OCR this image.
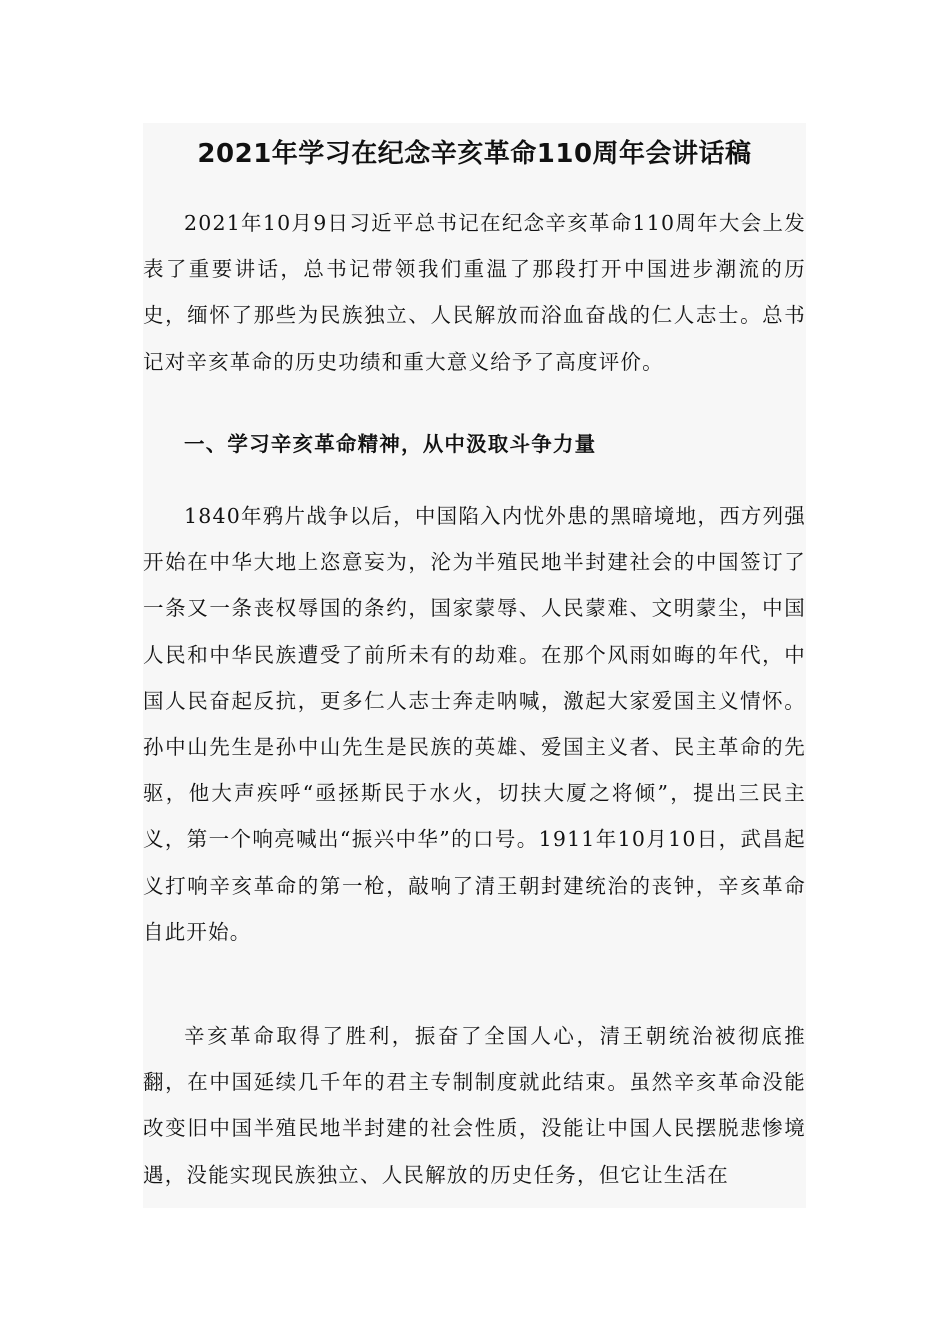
2021年学习在纪念辛亥革命110周年会讲话稿

2021年10月9日习近平总书记在纪念辛亥革命110周年大会上发表了重要讲话，总书记带领我们重温了那段打开中国进步潮流的历史，缅怀了那些为民族独立、人民解放而浴血奋战的仁人志士。总书记对辛亥革命的历史功绩和重大意义给予了高度评价。

一、学习辛亥革命精神，从中汲取斗争力量

1840年鸦片战争以后，中国陷入内忧外患的黑暗境地，西方列强开始在中华大地上恣意妄为，沦为半殖民地半封建社会的中国签订了一条又一条丧权辱国的条约，国家蒙辱、人民蒙难、文明蒙尘，中国人民和中华民族遭受了前所未有的劫难。在那个风雨如晦的年代，中国人民奋起反抗，更多仁人志士奔走呐喊，激起大家爱国主义情怀。孙中山先生是孙中山先生是民族的英雄、爱国主义者、民主革命的先驱，他大声疾呼“亟拯斯民于水火，切扶大厦之将倾”，提出三民主义，第一个响亮喊出“振兴中华”的口号。1911年10月10日，武昌起义打响辛亥革命的第一枪，敲响了清王朝封建统治的丧钟，辛亥革命自此开始。

辛亥革命取得了胜利，振奋了全国人心，清王朝统治被彻底推翻，在中国延续几千年的君主专制制度就此结束。虽然辛亥革命没能改变旧中国半殖民地半封建的社会性质，没能让中国人民摆脱悲惨境遇，没能实现民族独立、人民解放的历史任务，但它让生活在
